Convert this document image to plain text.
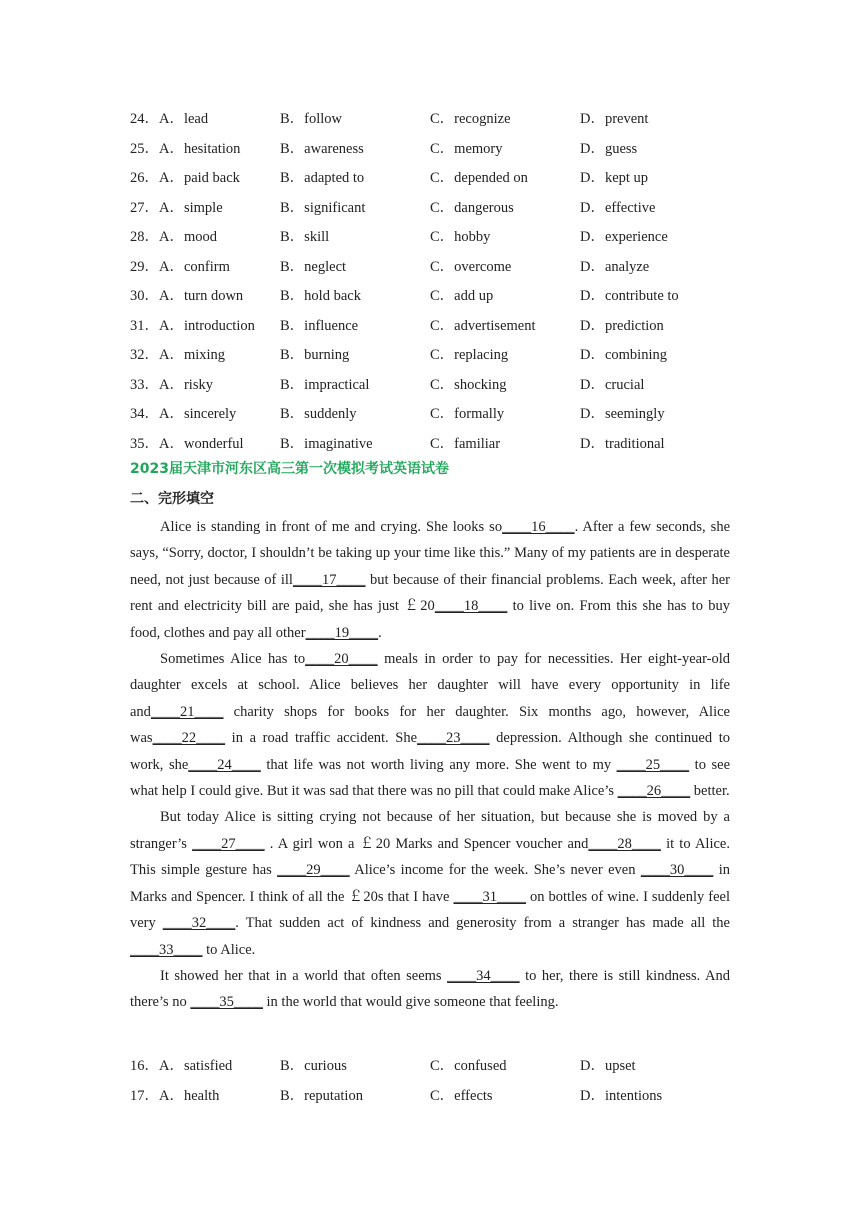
24．A．lead	B．follow	C．recognize	D．prevent
25．A．hesitation	B．awareness	C．memory	D．guess
26．A．paid back	B．adapted to	C．depended on	D．kept up
27．A．simple	B．significant	C．dangerous	D．effective
28．A．mood	B．skill	C．hobby	D．experience
29．A．confirm	B．neglect	C．overcome	D．analyze
30．A．turn down	B．hold back	C．add up	D．contribute to
31．A．introduction	B．influence	C．advertisement	D．prediction
32．A．mixing	B．burning	C．replacing	D．combining
33．A．risky	B．impractical	C．shocking	D．crucial
34．A．sincerely	B．suddenly	C．formally	D．seemingly
35．A．wonderful	B．imaginative	C．familiar	D．traditional
2023届天津市河东区高三第一次模拟考试英语试卷
二、完形填空

Alice is standing in front of me and crying. She looks so____16____. After a few seconds, she says, “Sorry, doctor, I shouldn’t be taking up your time like this.” Many of my patients are in desperate need, not just because of ill____17____ but because of their financial problems. Each week, after her rent and electricity bill are paid, she has just ￡20____18____ to live on. From this she has to buy food, clothes and pay all other____19____.

Sometimes Alice has to____20____ meals in order to pay for necessities. Her eight-year-old daughter excels at school. Alice believes her daughter will have every opportunity in life and____21____ charity shops for books for her daughter. Six months ago, however, Alice was____22____ in a road traffic accident. She____23____ depression. Although she continued to work, she____24____ that life was not worth living any more. She went to my ____25____ to see what help I could give. But it was sad that there was no pill that could make Alice’s ____26____ better.

But today Alice is sitting crying not because of her situation, but because she is moved by a stranger’s ____27____ . A girl won a ￡20 Marks and Spencer voucher and____28____ it to Alice. This simple gesture has ____29____ Alice’s income for the week. She’s never even ____30____ in Marks and Spencer. I think of all the ￡20s that I have ____31____ on bottles of wine. I suddenly feel very ____32____. That sudden act of kindness and generosity from a stranger has made all the ____33____ to Alice.

It showed her that in a world that often seems ____34____ to her, there is still kindness. And there’s no ____35____ in the world that would give someone that feeling.

16．A．satisfied	B．curious	C．confused	D．upset
17．A．health	B．reputation	C．effects	D．intentions
